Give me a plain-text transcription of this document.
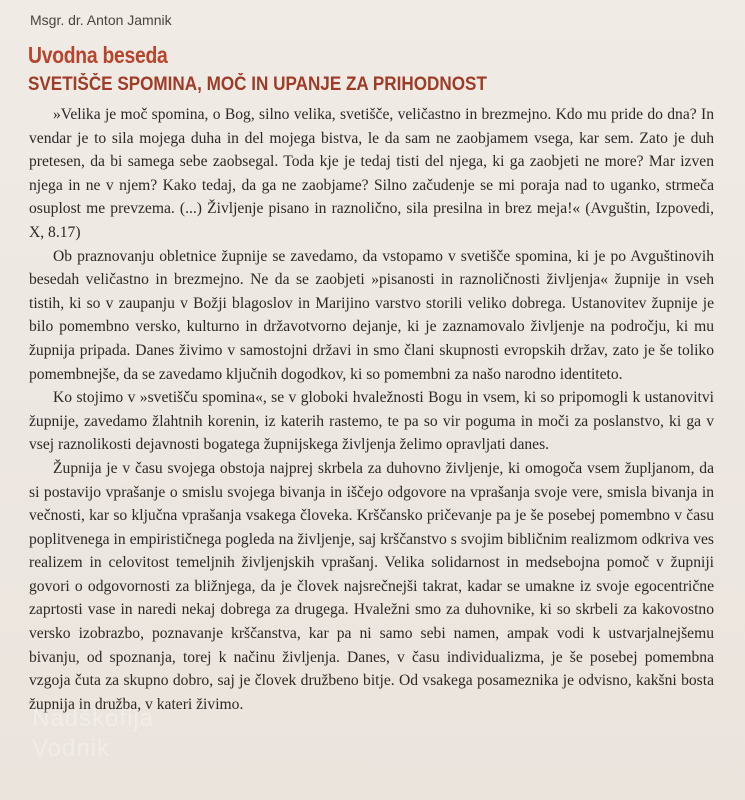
Msgr. dr. Anton Jamnik
Uvodna beseda
SVETIŠČE SPOMINA, MOČ IN UPANJE ZA PRIHODNOST

»Velika je moč spomina, o Bog, silno velika, svetišče, veličastno in brezmejno. Kdo mu pride do dna? In vendar je to sila mojega duha in del mojega bistva, le da sam ne zaobjamem vsega, kar sem. Zato je duh pretesen, da bi samega sebe zaobsegal. Toda kje je tedaj tisti del njega, ki ga zaobjeti ne more? Mar izven njega in ne v njem? Kako tedaj, da ga ne zaobjame? Silno začudenje se mi poraja nad to uganko, strmeča osuplost me prevzema. (...) Življenje pisano in raznolično, sila presilna in brez meja!« (Avguštin, Izpovedi, X, 8.17)

Ob praznovanju obletnice župnije se zavedamo, da vstopamo v svetišče spomina, ki je po Avguštinovih besedah veličastno in brezmejno. Ne da se zaobjeti »pisanosti in raznoličnosti življenja« župnije in vseh tistih, ki so v zaupanju v Božji blagoslov in Marijino varstvo storili veliko dobrega. Ustanovitev župnije je bilo pomembno versko, kulturno in državotvorno dejanje, ki je zaznamovalo življenje na področju, ki mu župnija pripada. Danes živimo v samostojni državi in smo člani skupnosti evropskih držav, zato je še toliko pomembnejše, da se zavedamo ključnih dogodkov, ki so pomembni za našo narodno identiteto.

Ko stojimo v »svetišču spomina«, se v globoki hvaležnosti Bogu in vsem, ki so pripomogli k ustanovitvi župnije, zavedamo žlahtnih korenin, iz katerih rastemo, te pa so vir poguma in moči za poslanstvo, ki ga v vsej raznolikosti dejavnosti bogatega župnijskega življenja želimo opravljati danes.

Župnija je v času svojega obstoja najprej skrbela za duhovno življenje, ki omogoča vsem župljanom, da si postavijo vprašanje o smislu svojega bivanja in iščejo odgovore na vprašanja svoje vere, smisla bivanja in večnosti, kar so ključna vprašanja vsakega človeka. Krščansko pričevanje pa je še posebej pomembno v času poplitvenega in empirističnega pogleda na življenje, saj krščanstvo s svojim bibličnim realizmom odkriva ves realizem in celovitost temeljnih življenjskih vprašanj. Velika solidarnost in medsebojna pomoč v župniji govori o odgovornosti za bližnjega, da je človek najsrečnejši takrat, kadar se umakne iz svoje egocentrične zaprtosti vase in naredi nekaj dobrega za drugega. Hvaležni smo za duhovnike, ki so skrbeli za kakovostno versko izobrazbo, poznavanje krščanstva, kar pa ni samo sebi namen, ampak vodi k ustvarjalnejšemu bivanju, od spoznanja, torej k načinu življenja. Danes, v času individualizma, je še posebej pomembna vzgoja čuta za skupno dobro, saj je človek družbeno bitje. Od vsakega posameznika je odvisno, kakšni bosta župnija in družba, v kateri živimo.

Nadškofija
Vodnik
